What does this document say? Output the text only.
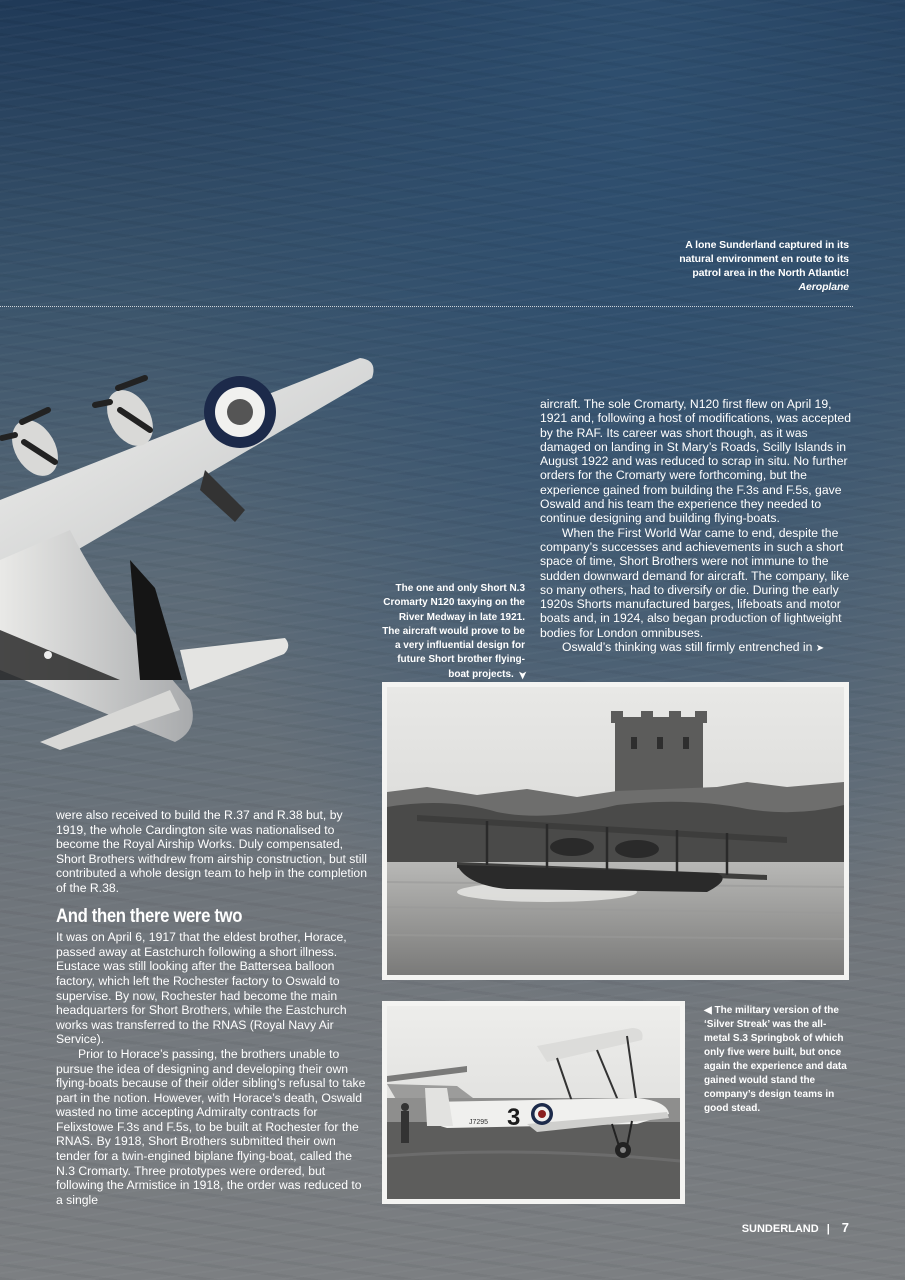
A lone Sunderland captured in its natural environment en route to its patrol area in the North Atlantic!
Aeroplane

aircraft. The sole Cromarty, N120 first flew on April 19, 1921 and, following a host of modifications, was accepted by the RAF. Its career was short though, as it was damaged on landing in St Mary’s Roads, Scilly Islands in August 1922 and was reduced to scrap in situ. No further orders for the Cromarty were forthcoming, but the experience gained from building the F.3s and F.5s, gave Oswald and his team the experience they needed to continue designing and building flying-boats.

When the First World War came to end, despite the company’s successes and achievements in such a short space of time, Short Brothers were not immune to the sudden downward demand for aircraft. The company, like so many others, had to diversify or die. During the early 1920s Shorts manufactured barges, lifeboats and motor boats and, in 1924, also began production of lightweight bodies for London omnibuses.

Oswald’s thinking was still firmly entrenched in ➤

The one and only Short N.3 Cromarty N120 taxying on the River Medway in late 1921. The aircraft would prove to be a very influential design for future Short brother flying-boat projects. ➤
3
J7295
◀ The military version of the ‘Silver Streak’ was the all-metal S.3 Springbok of which only five were built, but once again the experience and data gained would stand the company’s design teams in good stead.

were also received to build the R.37 and R.38 but, by 1919, the whole Cardington site was nationalised to become the Royal Airship Works. Duly compensated, Short Brothers withdrew from airship construction, but still contributed a whole design team to help in the completion of the R.38.

And then there were two

It was on April 6, 1917 that the eldest brother, Horace, passed away at Eastchurch following a short illness. Eustace was still looking after the Battersea balloon factory, which left the Rochester factory to Oswald to supervise. By now, Rochester had become the main headquarters for Short Brothers, while the Eastchurch works was transferred to the RNAS (Royal Navy Air Service).

Prior to Horace’s passing, the brothers unable to pursue the idea of designing and developing their own flying-boats because of their older sibling’s refusal to take part in the notion. However, with Horace’s death, Oswald wasted no time accepting Admiralty contracts for Felixstowe F.3s and F.5s, to be built at Rochester for the RNAS. By 1918, Short Brothers submitted their own tender for a twin-engined biplane flying-boat, called the N.3 Cromarty. Three prototypes were ordered, but following the Armistice in 1918, the order was reduced to a single

SUNDERLAND | 7
